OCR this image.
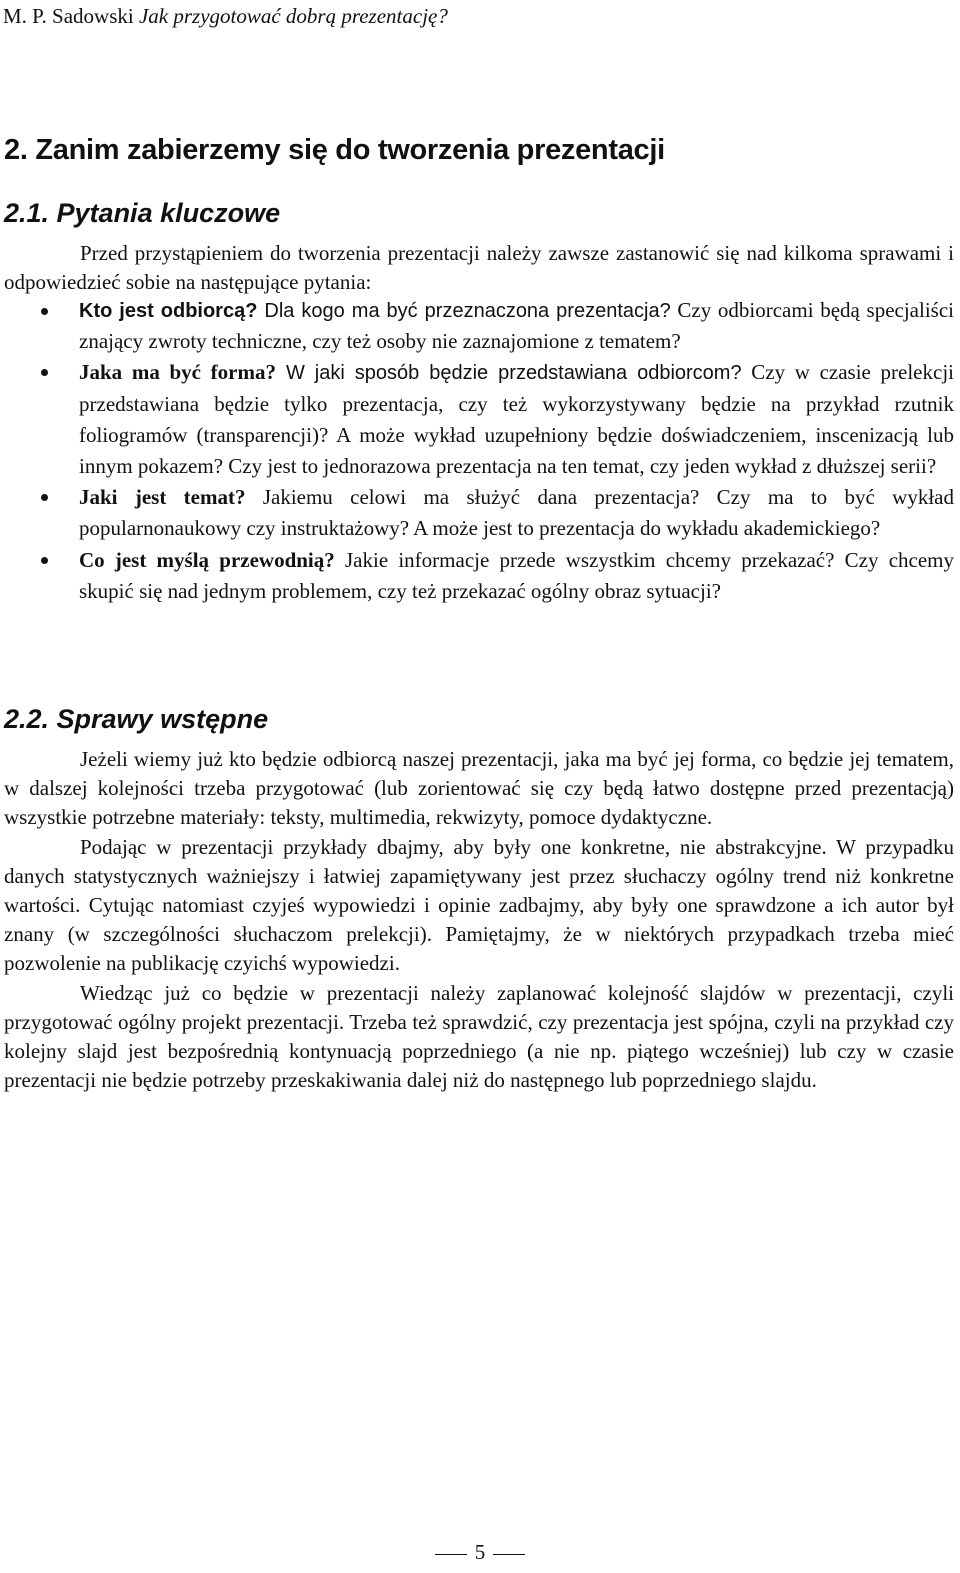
M. P. Sadowski Jak przygotować dobrą prezentację?
2. Zanim zabierzemy się do tworzenia prezentacji
2.1. Pytania kluczowe

Przed przystąpieniem do tworzenia prezentacji należy zawsze zastanowić się nad kilkoma sprawami i odpowiedzieć sobie na następujące pytania:

Kto jest odbiorcą? Dla kogo ma być przeznaczona prezentacja? Czy odbiorcami będą specjaliści znający zwroty techniczne, czy też osoby nie zaznajomione z tematem?
Jaka ma być forma? W jaki sposób będzie przedstawiana odbiorcom? Czy w czasie prelekcji przedstawiana będzie tylko prezentacja, czy też wykorzystywany będzie na przykład rzutnik foliogramów (transparencji)? A może wykład uzupełniony będzie doświadczeniem, inscenizacją lub innym pokazem? Czy jest to jednorazowa prezentacja na ten temat, czy jeden wykład z dłuższej serii?
Jaki jest temat? Jakiemu celowi ma służyć dana prezentacja? Czy ma to być wykład popularnonaukowy czy instruktażowy? A może jest to prezentacja do wykładu akademickiego?
Co jest myślą przewodnią? Jakie informacje przede wszystkim chcemy przekazać? Czy chcemy skupić się nad jednym problemem, czy też przekazać ogólny obraz sytuacji?
2.2. Sprawy wstępne

Jeżeli wiemy już kto będzie odbiorcą naszej prezentacji, jaka ma być jej forma, co będzie jej tematem, w dalszej kolejności trzeba przygotować (lub zorientować się czy będą łatwo dostępne przed prezentacją) wszystkie potrzebne materiały: teksty, multimedia, rekwizyty, pomoce dydaktyczne.

Podając w prezentacji przykłady dbajmy, aby były one konkretne, nie abstrakcyjne. W przypadku danych statystycznych ważniejszy i łatwiej zapamiętywany jest przez słuchaczy ogólny trend niż konkretne wartości. Cytując natomiast czyjeś wypowiedzi i opinie zadbajmy, aby były one sprawdzone a ich autor był znany (w szczególności słuchaczom prelekcji). Pamiętajmy, że w niektórych przypadkach trzeba mieć pozwolenie na publikację czyichś wypowiedzi.

Wiedząc już co będzie w prezentacji należy zaplanować kolejność slajdów w prezentacji, czyli przygotować ogólny projekt prezentacji. Trzeba też sprawdzić, czy prezentacja jest spójna, czyli na przykład czy kolejny slajd jest bezpośrednią kontynuacją poprzedniego (a nie np. piątego wcześniej) lub czy w czasie prezentacji nie będzie potrzeby przeskakiwania dalej niż do następnego lub poprzedniego slajdu.

5
